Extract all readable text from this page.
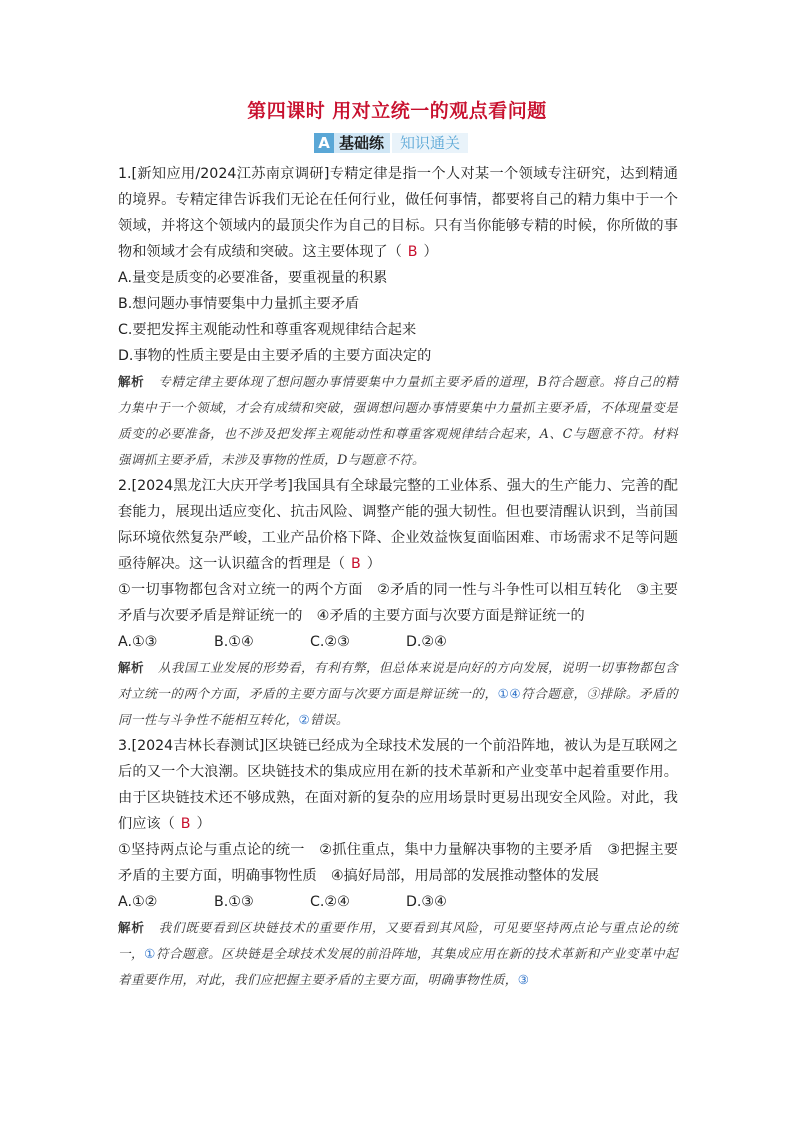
第四课时 用对立统一的观点看问题
A 基础练	知识通关

1.[新知应用/2024江苏南京调研]专精定律是指一个人对某一个领域专注研究，达到精通的境界。专精定律告诉我们无论在任何行业，做任何事情，都要将自己的精力集中于一个领域，并将这个领域内的最顶尖作为自己的目标。只有当你能够专精的时候，你所做的事物和领域才会有成绩和突破。这主要体现了（ B ）

A.量变是质变的必要准备，要重视量的积累

B.想问题办事情要集中力量抓主要矛盾

C.要把发挥主观能动性和尊重客观规律结合起来

D.事物的性质主要是由主要矛盾的主要方面决定的

解析 专精定律主要体现了想问题办事情要集中力量抓主要矛盾的道理，B符合题意。将自己的精力集中于一个领域，才会有成绩和突破，强调想问题办事情要集中力量抓主要矛盾，不体现量变是质变的必要准备，也不涉及把发挥主观能动性和尊重客观规律结合起来，A、C与题意不符。材料强调抓主要矛盾，未涉及事物的性质，D与题意不符。

2.[2024黑龙江大庆开学考]我国具有全球最完整的工业体系、强大的生产能力、完善的配套能力，展现出适应变化、抗击风险、调整产能的强大韧性。但也要清醒认识到，当前国际环境依然复杂严峻，工业产品价格下降、企业效益恢复面临困难、市场需求不足等问题亟待解决。这一认识蕴含的哲理是（ B ）

①一切事物都包含对立统一的两个方面　②矛盾的同一性与斗争性可以相互转化　③主要矛盾与次要矛盾是辩证统一的　④矛盾的主要方面与次要方面是辩证统一的

A.①③	B.①④	C.②③	D.②④

解析 从我国工业发展的形势看，有利有弊，但总体来说是向好的方向发展，说明一切事物都包含对立统一的两个方面，矛盾的主要方面与次要方面是辩证统一的，①④符合题意，③排除。矛盾的同一性与斗争性不能相互转化，②错误。

3.[2024吉林长春测试]区块链已经成为全球技术发展的一个前沿阵地，被认为是互联网之后的又一个大浪潮。区块链技术的集成应用在新的技术革新和产业变革中起着重要作用。由于区块链技术还不够成熟，在面对新的复杂的应用场景时更易出现安全风险。对此，我们应该（ B ）

①坚持两点论与重点论的统一　②抓住重点，集中力量解决事物的主要矛盾　③把握主要矛盾的主要方面，明确事物性质　④搞好局部，用局部的发展推动整体的发展

A.①②	B.①③	C.②④	D.③④

解析 我们既要看到区块链技术的重要作用，又要看到其风险，可见要坚持两点论与重点论的统一，①符合题意。区块链是全球技术发展的前沿阵地，其集成应用在新的技术革新和产业变革中起着重要作用，对此，我们应把握主要矛盾的主要方面，明确事物性质，③
